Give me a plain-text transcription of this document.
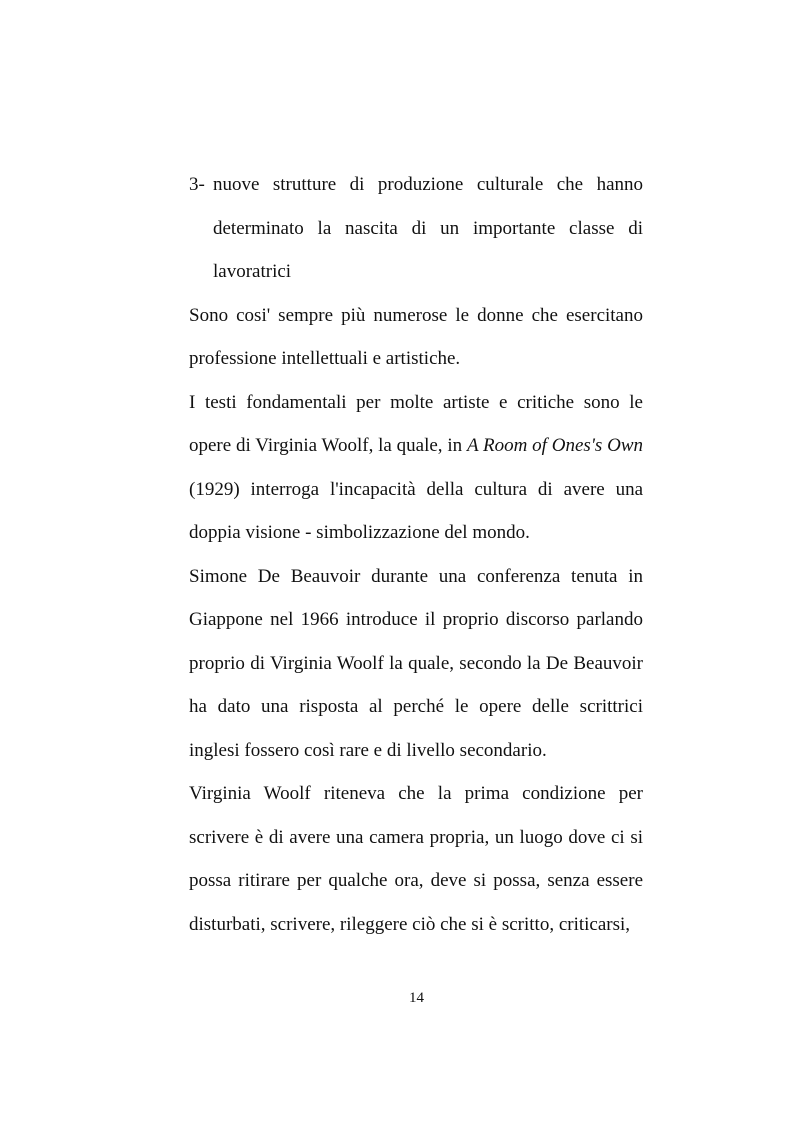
3- nuove strutture di produzione culturale che hanno determinato la nascita di un importante classe di lavoratrici

Sono cosi' sempre più numerose le donne che esercitano professione intellettuali e artistiche.

I testi fondamentali per molte artiste e critiche sono le opere di Virginia Woolf, la quale, in A Room of Ones's Own (1929) interroga l'incapacità della cultura di avere una doppia visione - simbolizzazione del mondo.

Simone De Beauvoir durante una conferenza tenuta in Giappone nel 1966 introduce il proprio discorso parlando proprio di Virginia Woolf la quale, secondo la De Beauvoir ha dato una risposta al perché le opere delle scrittrici inglesi fossero così rare e di livello secondario.

Virginia Woolf riteneva che la prima condizione per scrivere è di avere una camera propria, un luogo dove ci si possa ritirare per qualche ora, deve si possa, senza essere disturbati, scrivere, rileggere ciò che si è scritto, criticarsi,

14
